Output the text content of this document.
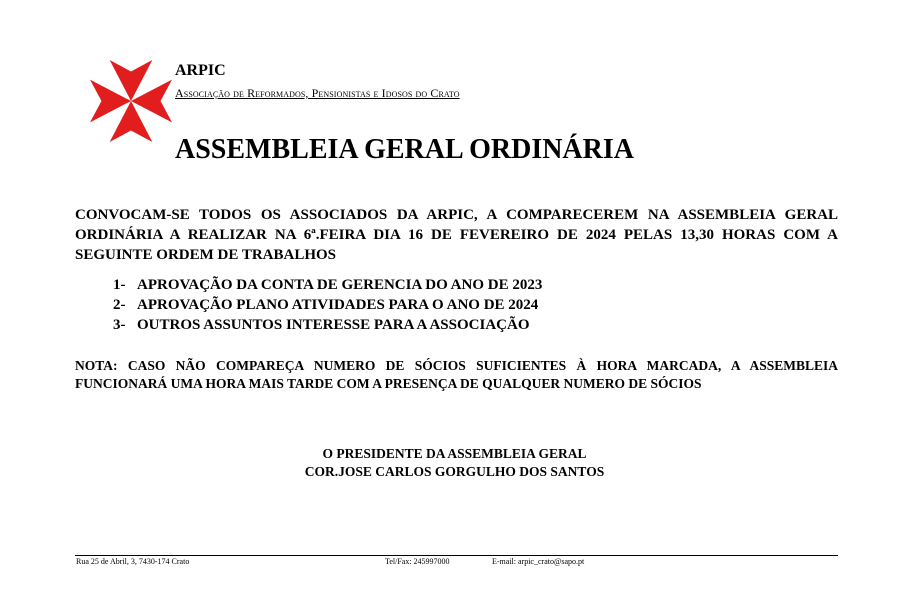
ARPIC
Associação de Reformados, Pensionistas e Idosos do Crato
ASSEMBLEIA GERAL ORDINÁRIA
CONVOCAM-SE TODOS OS ASSOCIADOS DA ARPIC, A COMPARECEREM NA ASSEMBLEIA GERAL ORDINÁRIA A REALIZAR NA 6ª.FEIRA DIA 16 DE FEVEREIRO DE 2024 PELAS 13,30 HORAS COM A SEGUINTE ORDEM DE TRABALHOS
1- APROVAÇÃO DA CONTA DE GERENCIA DO ANO DE 2023
2- APROVAÇÃO PLANO ATIVIDADES PARA O ANO DE 2024
3- OUTROS ASSUNTOS INTERESSE PARA A ASSOCIAÇÃO
NOTA: CASO NÃO COMPAREÇA NUMERO DE SÓCIOS SUFICIENTES À HORA MARCADA, A ASSEMBLEIA FUNCIONARÁ UMA HORA MAIS TARDE COM A PRESENÇA DE QUALQUER NUMERO DE SÓCIOS
O PRESIDENTE DA ASSEMBLEIA GERAL
COR.JOSE CARLOS GORGULHO DOS SANTOS
Rua 25 de Abril, 3, 7430-174 Crato	Tel/Fax: 245997000	E-mail: arpic_crato@sapo.pt
